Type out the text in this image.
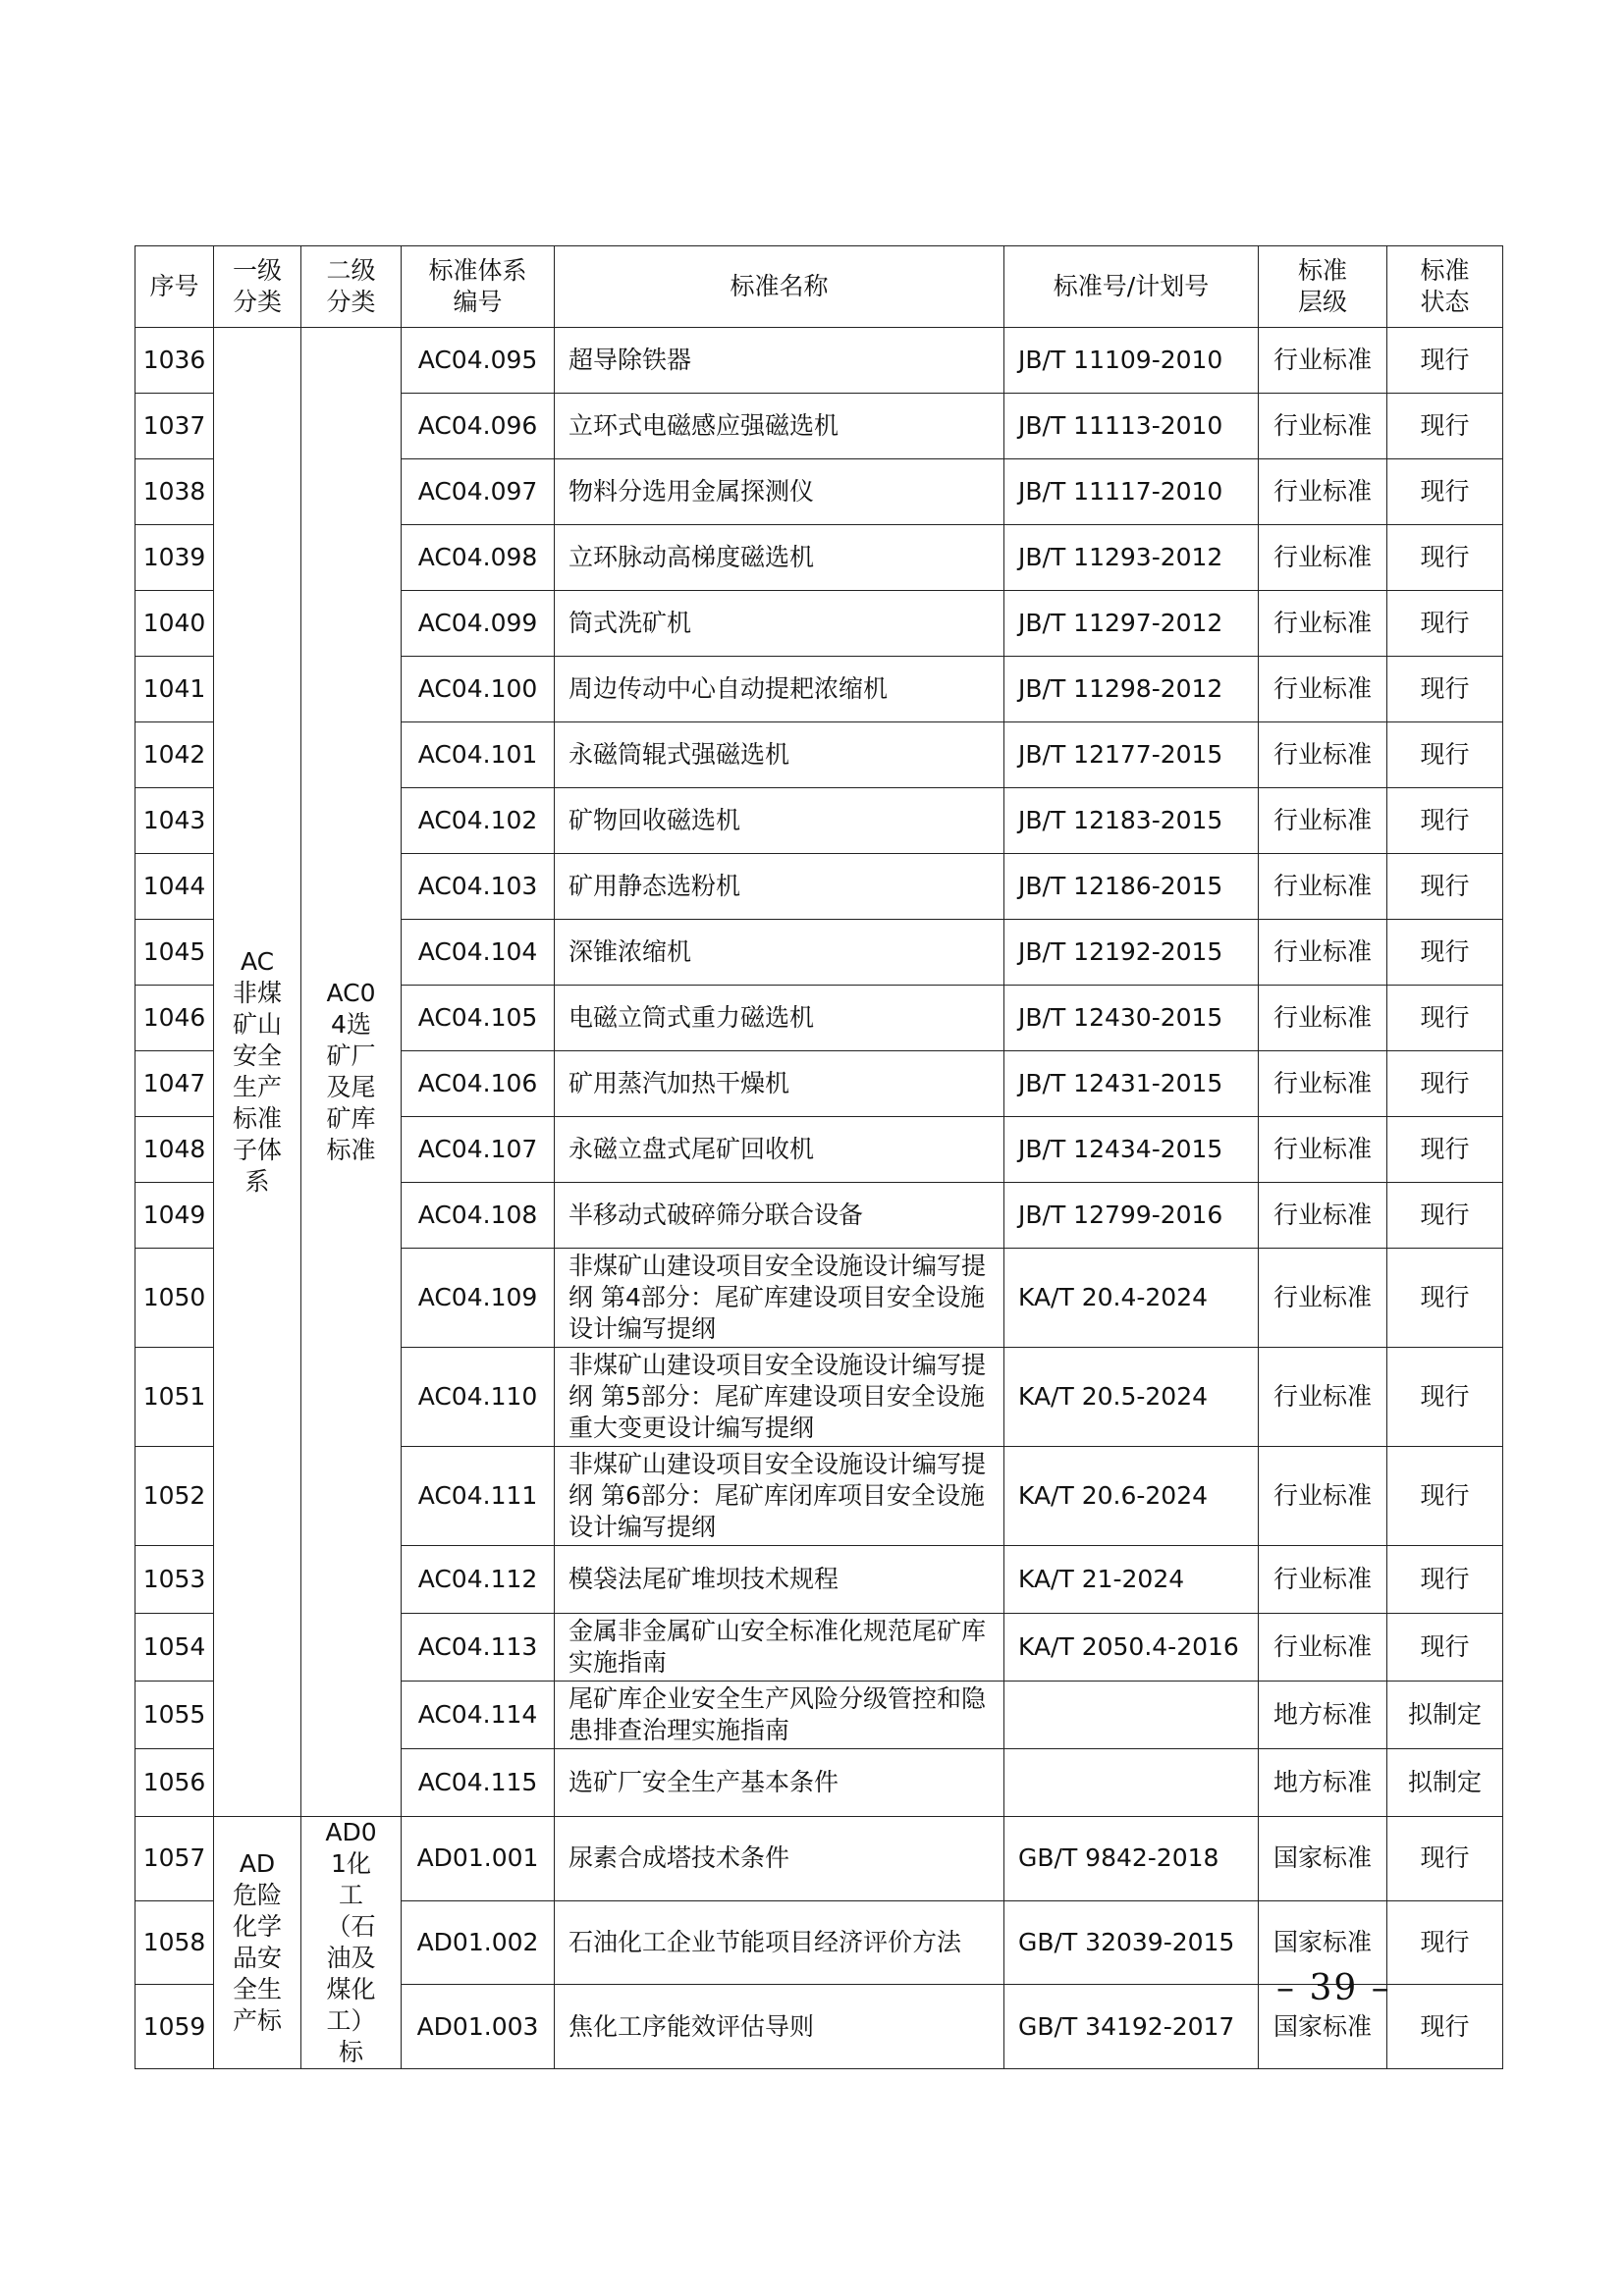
序号	一级分类	二级分类	标准体系编号	标准名称	标准号/计划号	标准层级	标准状态

1036	AC非煤矿山安全生产标准子体系	AC04选矿厂及尾矿库标准	AC04.095	超导除铁器	JB/T 11109-2010	行业标准	现行
1037			AC04.096	立环式电磁感应强磁选机	JB/T 11113-2010	行业标准	现行
1038			AC04.097	物料分选用金属探测仪	JB/T 11117-2010	行业标准	现行
1039			AC04.098	立环脉动高梯度磁选机	JB/T 11293-2012	行业标准	现行
1040			AC04.099	筒式洗矿机	JB/T 11297-2012	行业标准	现行
1041			AC04.100	周边传动中心自动提耙浓缩机	JB/T 11298-2012	行业标准	现行
1042			AC04.101	永磁筒辊式强磁选机	JB/T 12177-2015	行业标准	现行
1043			AC04.102	矿物回收磁选机	JB/T 12183-2015	行业标准	现行
1044			AC04.103	矿用静态选粉机	JB/T 12186-2015	行业标准	现行
1045			AC04.104	深锥浓缩机	JB/T 12192-2015	行业标准	现行
1046			AC04.105	电磁立筒式重力磁选机	JB/T 12430-2015	行业标准	现行
1047			AC04.106	矿用蒸汽加热干燥机	JB/T 12431-2015	行业标准	现行
1048			AC04.107	永磁立盘式尾矿回收机	JB/T 12434-2015	行业标准	现行
1049			AC04.108	半移动式破碎筛分联合设备	JB/T 12799-2016	行业标准	现行
1050			AC04.109	非煤矿山建设项目安全设施设计编写提纲 第4部分：尾矿库建设项目安全设施设计编写提纲	KA/T 20.4-2024	行业标准	现行
1051			AC04.110	非煤矿山建设项目安全设施设计编写提纲 第5部分：尾矿库建设项目安全设施重大变更设计编写提纲	KA/T 20.5-2024	行业标准	现行
1052			AC04.111	非煤矿山建设项目安全设施设计编写提纲 第6部分：尾矿库闭库项目安全设施设计编写提纲	KA/T 20.6-2024	行业标准	现行
1053			AC04.112	模袋法尾矿堆坝技术规程	KA/T 21-2024	行业标准	现行
1054			AC04.113	金属非金属矿山安全标准化规范尾矿库实施指南	KA/T 2050.4-2016	行业标准	现行
1055			AC04.114	尾矿库企业安全生产风险分级管控和隐患排查治理实施指南		地方标准	拟制定
1056			AC04.115	选矿厂安全生产基本条件		地方标准	拟制定
1057	AD危险化学品安全生产标	AD01化工（石油及煤化工）标	AD01.001	尿素合成塔技术条件	GB/T 9842-2018	国家标准	现行
1058			AD01.002	石油化工企业节能项目经济评价方法	GB/T 32039-2015	国家标准	现行
1059			AD01.003	焦化工序能效评估导则	GB/T 34192-2017	国家标准	现行
– 39 –
